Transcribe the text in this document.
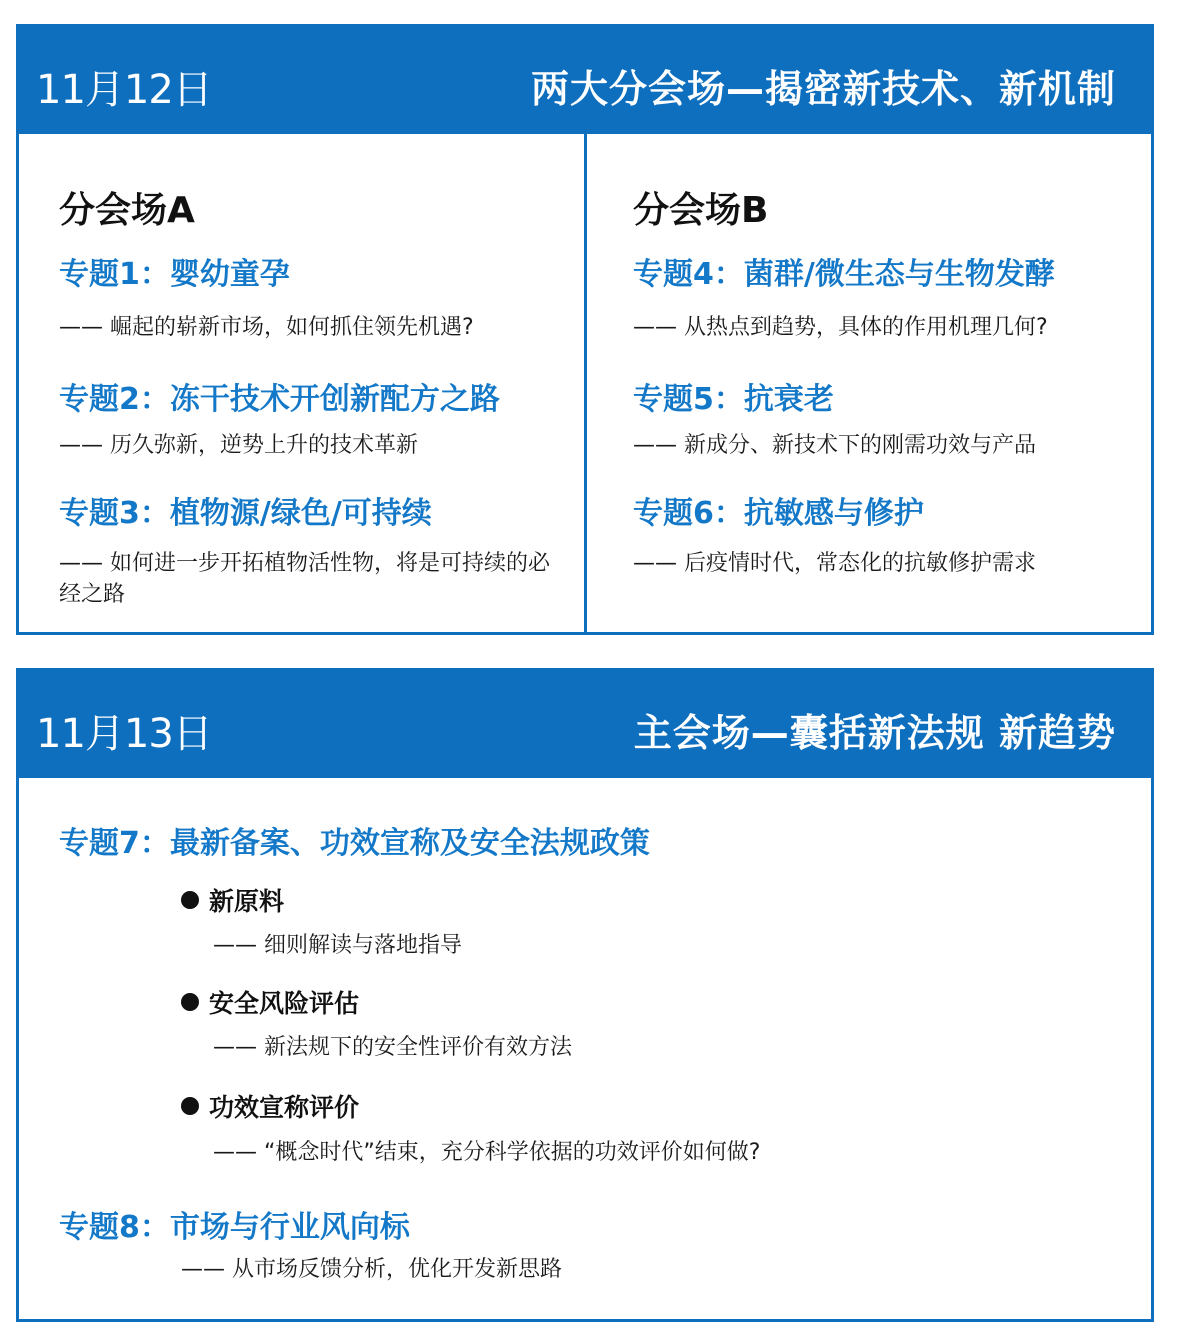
11月12日	两大分会场—揭密新技术、新机制
分会场A
专题1：婴幼童孕
—— 崛起的崭新市场，如何抓住领先机遇?
专题2：冻干技术开创新配方之路
—— 历久弥新，逆势上升的技术革新
专题3：植物源/绿色/可持续
—— 如何进一步开拓植物活性物，将是可持续的必经之路
分会场B
专题4：菌群/微生态与生物发酵
—— 从热点到趋势，具体的作用机理几何?
专题5：抗衰老
—— 新成分、新技术下的刚需功效与产品
专题6：抗敏感与修护
—— 后疫情时代，常态化的抗敏修护需求
11月13日	主会场—囊括新法规 新趋势
专题7：最新备案、功效宣称及安全法规政策
新原料
—— 细则解读与落地指导
安全风险评估
—— 新法规下的安全性评价有效方法
功效宣称评价
—— “概念时代”结束，充分科学依据的功效评价如何做?
专题8：市场与行业风向标
—— 从市场反馈分析，优化开发新思路
